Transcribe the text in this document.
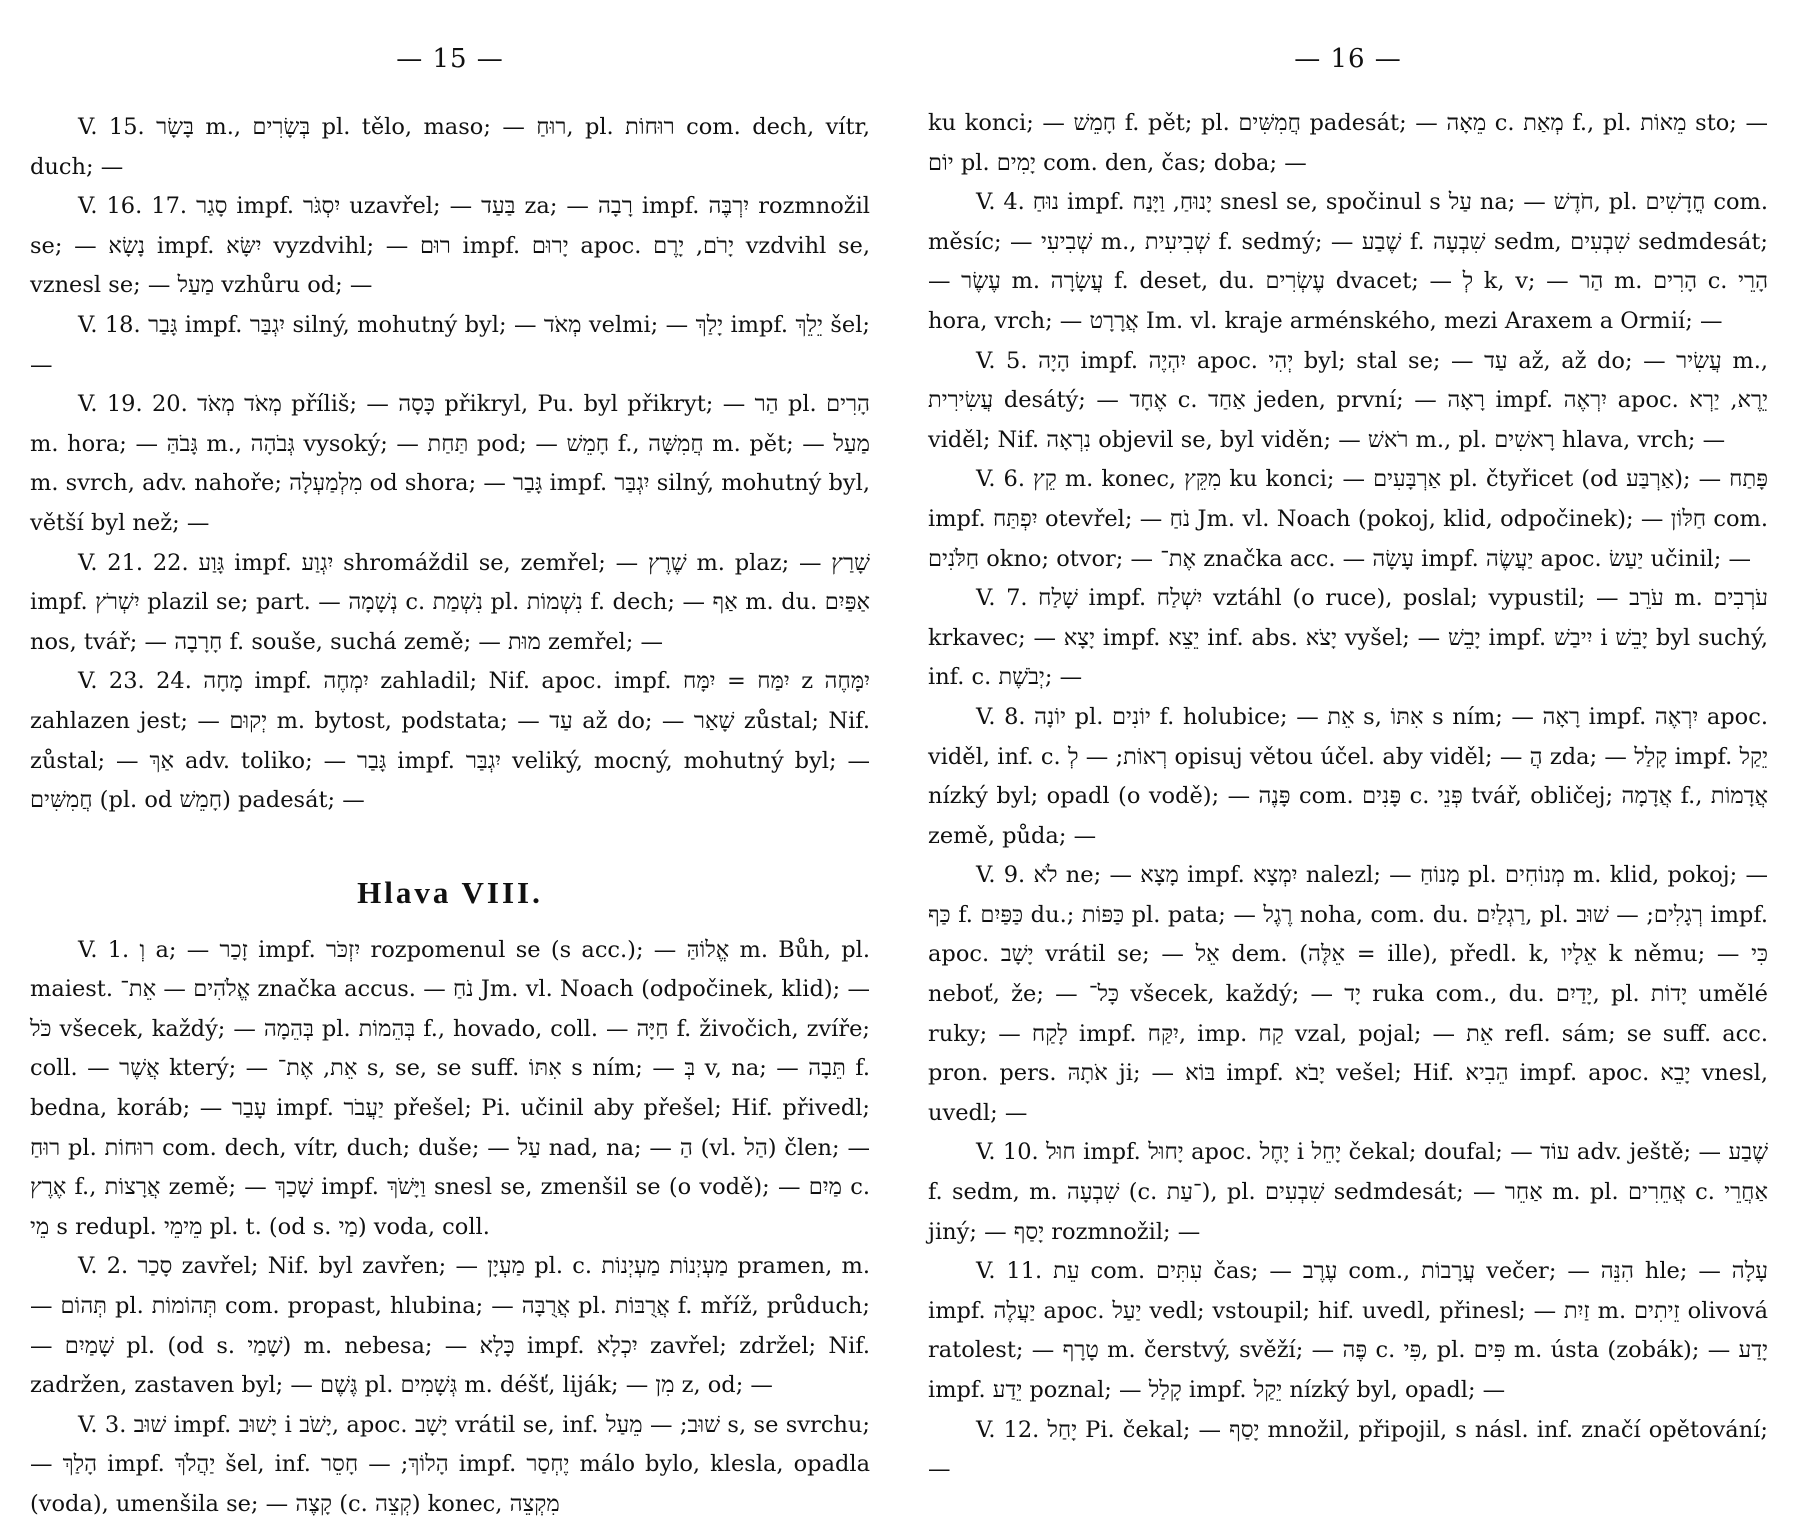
— 15 —

V. 15. בָּשָׂר m., בְּשָׂרִים pl. tělo, maso; — רוּחַ, pl. רוּחוֹת com. dech, vítr, duch; —

V. 16. 17. סָגַר impf. יִסְגֹּר uzavřel; — בַּעַד za; — רָבָה impf. יִרְבֶּה rozmnožil se; — נָשָׂא impf. יִשָּׂא vyzdvihl; — רוּם impf. יָרוּם apoc. יָרֹם, יָרֶם vzdvihl se, vznesl se; — מַעַל vzhůru od; —

V. 18. גָּבַר impf. יִגְבַּר silný, mohutný byl; — מְאֹד velmi; — יָלַךְ impf. יֵלֵךְ šel; —

V. 19. 20. מְאֹד מְאֹד příliš; — כָּסָה přikryl, Pu. byl přikryt; — הַר pl. הָרִים m. hora; — גָּבֹהַּ m., גְּבֹהָה vysoký; — תַּחַת pod; — חָמֵשׁ f., חֲמִשָּׁה m. pět; — מַעַל m. svrch, adv. nahoře; מִלְמַעְלָה od shora; — גָּבַר impf. יִגְבַּר silný, mohutný byl, větší byl než; —

V. 21. 22. גָּוַע impf. יִגְוַע shromáždil se, zemřel; — שֶׁרֶץ m. plaz; — שָׁרַץ impf. יִשְׁרֹץ plazil se; part. — נְשָׁמָה c. נִשְׁמַת pl. נִשְׁמוֹת f. dech; — אַף m. du. אַפַּיִם nos, tvář; — חָרָבָה f. souše, suchá země; — מוּת zemřel; —

V. 23. 24. מָחָה impf. יִמְחֶה zahladil; Nif. apoc. impf. יִמַּח = יִמָּח z יִמָּחֶה zahlazen jest; — יְקוּם m. bytost, podstata; — עַד až do; — שָׁאַר zůstal; Nif. zůstal; — אַךְ adv. toliko; — גָּבַר impf. יִגְבַּר veliký, mocný, mohutný byl; — חֲמִשִּׁים (pl. od חָמֵשׁ) padesát; —

Hlava VIII.

V. 1. וְ a; — זָכַר impf. יִזְכֹּר rozpomenul se (s acc.); — אֱלוֹהַּ m. Bůh, pl. maiest. אֱלֹהִים — אֵת־ značka accus. — נֹחַ Jm. vl. Noach (odpočinek, klid); — כֹּל všecek, každý; — בְּהֵמָה pl. בְּהֵמוֹת f., hovado, coll. — חַיָּה f. živočich, zvíře; coll. — אֲשֶׁר který; — אֵת, אֶת־ s, se, se suff. אִתּוֹ s ním; — בְּ v, na; — תֵּבָה f. bedna, koráb; — עָבַר impf. יַעֲבֹר přešel; Pi. učinil aby přešel; Hif. přivedl; רוּחַ pl. רוּחוֹת com. dech, vítr, duch; duše; — עַל nad, na; — הַ (vl. הַל) člen; — אֶרֶץ f., אֲרָצוֹת země; — שָׁכַךְ impf. וַיָּשֹׁךְ snesl se, zmenšil se (o vodě); — מַיִם c. מֵי s redupl. מֵימֵי pl. t. (od s. מַי) voda, coll.

V. 2. סָכַר zavřel; Nif. byl zavřen; — מַעְיָן pl. c. מַעְיְנוֹת מַעְיְנוֹת pramen, m. — תְּהוֹם pl. תְּהוֹמוֹת com. propast, hlubina; — אֲרֻבָּה pl. אֲרֻבּוֹת f. mříž, průduch; — שָׁמַיִם pl. (od s. שָׁמַי) m. nebesa; — כָּלָא impf. יִכְלָא zavřel; zdržel; Nif. zadržen, zastaven byl; — גֶּשֶׁם pl. גְּשָׁמִים m. déšť, liják; — מִן z, od; —

V. 3. שׁוּב impf. יָשׁוּב i יָשֹׁב, apoc. יָשָׁב vrátil se, inf. שׁוּב; — מֵעַל s, se svrchu; — הָלַךְ impf. יַהֲלֹךְ šel, inf. הָלוֹךְ; — חָסֵר impf. יֶחְסַר málo bylo, klesla, opadla (voda), umenšila se; — קָצֶה (c. קְצֵה) konec, מִקְצֵה

— 16 —

ku konci; — חָמֵשׁ f. pět; pl. חֲמִשִּׁים padesát; — מֵאָה c. מְאַת f., pl. מֵאוֹת sto; — יוֹם pl. יָמִים com. den, čas; doba; —

V. 4. נוּחַ impf. יָנוּחַ, וַיָּנַח snesl se, spočinul s עַל na; — חֹדֶשׁ, pl. חֳדָשִׁים com. měsíc; — שְׁבִיעִי m., שְׁבִיעִית f. sedmý; — שֶׁבַע f. שִׁבְעָה sedm, שִׁבְעִים sedmdesát; — עֶשֶׂר m. עֲשָׂרָה f. deset, du. עֶשְׂרִים dvacet; — לְ k, v; — הַר m. הָרִים c. הָרֵי hora, vrch; — אֲרָרָט Im. vl. kraje arménského, mezi Araxem a Ormií; —

V. 5. הָיָה impf. יִהְיֶה apoc. יְהִי byl; stal se; — עַד až, až do; — עֲשִׂיר m., עֲשִׂירִית desátý; — אֶחָד c. אַחַד jeden, první; — רָאָה impf. יִרְאֶה apoc. יֵרֶא, יַרְא viděl; Nif. נִרְאָה objevil se, byl viděn; — רֹאשׁ m., pl. רָאשִׁים hlava, vrch; —

V. 6. קֵץ m. konec, מִקֵּץ ku konci; — אַרְבָּעִים pl. čtyřicet (od אַרְבַּע); — פָּתַח impf. יִפְתַּח otevřel; — נֹחַ Jm. vl. Noach (pokoj, klid, odpočinek); — חַלּוֹן com. חַלֹּנִים okno; otvor; — אֶת־ značka acc. — עָשָׂה impf. יַעֲשֶׂה apoc. יַעַשׂ učinil; —

V. 7. שָׁלַח impf. יִשְׁלַח vztáhl (o ruce), poslal; vypustil; — עֹרֵב m. עֹרְבִים krkavec; — יָצָא impf. יֵצֵא inf. abs. יָצֹא vyšel; — יָבֵשׁ impf. יִיבַשׁ i יָבֵשׁ byl suchý, inf. c. יְבֹשֶׁת; —

V. 8. יוֹנָה pl. יוֹנִים f. holubice; — אֵת s, אִתּוֹ s ním; — רָאָה impf. יִרְאֶה apoc. viděl, inf. c. רְאוֹת; — לְ opisuj větou účel. aby viděl; — הֲ zda; — קָלַל impf. יֵקַל nízký byl; opadl (o vodě); — פָּנֶה com. פָּנִים c. פְּנֵי tvář, obličej; אֲדָמָה f., אֲדָמוֹת země, půda; —

V. 9. לֹא ne; — מָצָא impf. יִמְצָא nalezl; — מָנוֹחַ pl. מְנוֹחִים m. klid, pokoj; — כַּף f. כַּפַּיִם du.; כַּפּוֹת pl. pata; — רֶגֶל noha, com. du. רַגְלַיִם, pl. רְגָלִים; — שׁוּב impf. apoc. יָשָׁב vrátil se; — אֵל dem. (אֵלֶּה = ille), předl. k, אֵלָיו k němu; — כִּי neboť, že; — כָּל־ všecek, každý; — יָד ruka com., du. יָדַיִם, pl. יָדוֹת umělé ruky; — לָקַח impf. יִקַּח, imp. קַח vzal, pojal; — אֵת refl. sám; se suff. acc. pron. pers. אֹתָהּ ji; — בּוֹא impf. יָבֹא vešel; Hif. הֵבִיא impf. apoc. יָבֵא vnesl, uvedl; —

V. 10. חוּל impf. יָחוּל apoc. יָחֶל i יָחֵל čekal; doufal; — עוֹד adv. ještě; — שֶׁבַע f. sedm, m. שִׁבְעָה (c. ־עַת), pl. שִׁבְעִים sedmdesát; — אַחֵר m. pl. אֲחֵרִים c. אַחֲרֵי jiný; — יָסַף rozmnožil; —

V. 11. עֵת com. עִתִּים čas; — עֶרֶב com., עֲרָבוֹת večer; — הִנֵּה hle; — עָלָה impf. יַעֲלֶה apoc. יַעַל vedl; vstoupil; hif. uvedl, přinesl; — זַיִת m. זֵיתִים olivová ratolest; — טָרָף m. čerstvý, svěží; — פֶּה c. פִּי, pl. פִּים m. ústa (zobák); — יָדַע impf. יֵדַע poznal; — קָלַל impf. יֵקַל nízký byl, opadl; —

V. 12. יָחַל Pi. čekal; — יָסַף množil, připojil, s násl. inf. značí opětování; —
